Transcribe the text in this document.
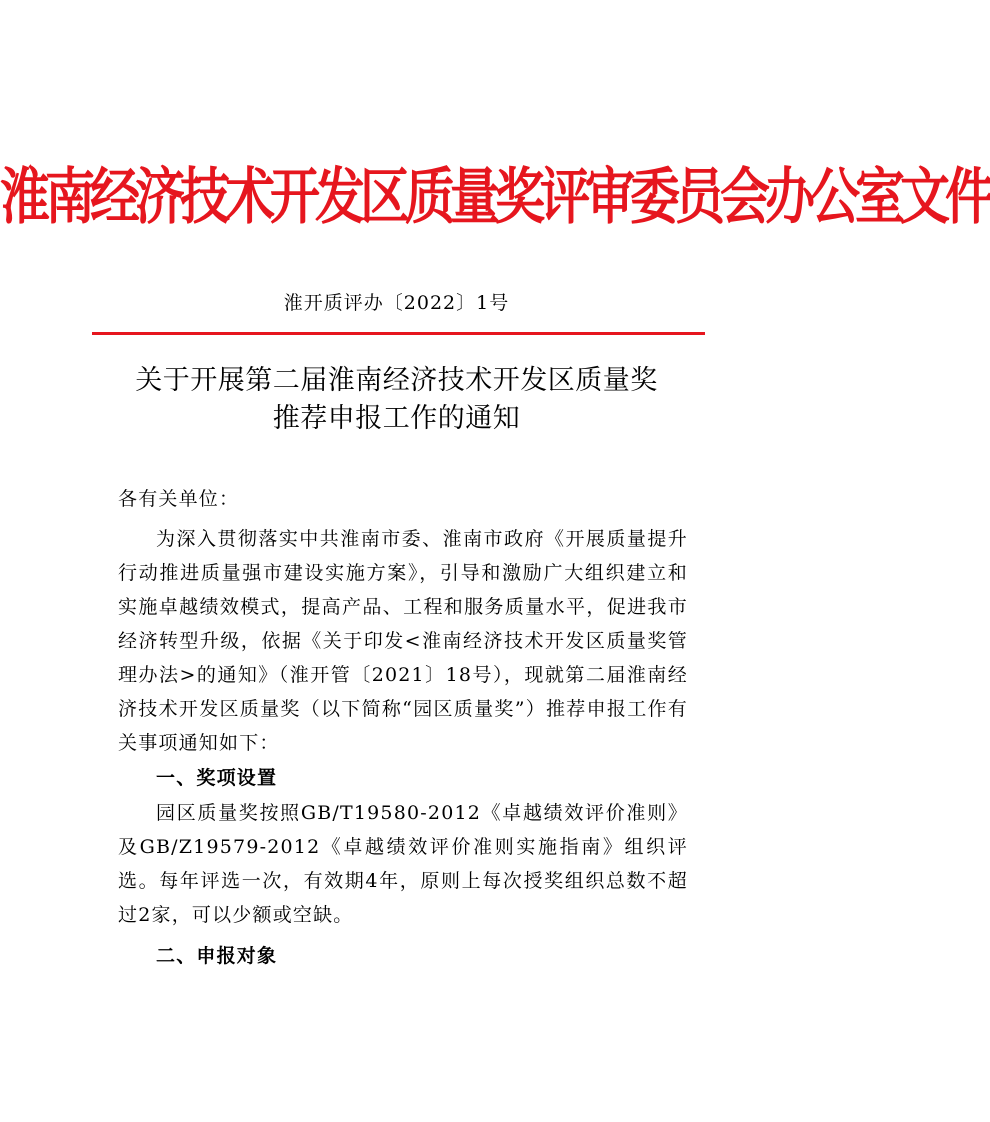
淮南经济技术开发区质量奖评审委员会办公室文件
淮开质评办〔2022〕1号
关于开展第二届淮南经济技术开发区质量奖
推荐申报工作的通知

各有关单位：

为深入贯彻落实中共淮南市委、淮南市政府《开展质量提升行动推进质量强市建设实施方案》，引导和激励广大组织建立和实施卓越绩效模式，提高产品、工程和服务质量水平，促进我市经济转型升级，依据《关于印发<淮南经济技术开发区质量奖管理办法>的通知》（淮开管〔2021〕18号），现就第二届淮南经济技术开发区质量奖（以下简称“园区质量奖”）推荐申报工作有关事项通知如下：

一、奖项设置

园区质量奖按照GB/T19580-2012《卓越绩效评价准则》及GB/Z19579-2012《卓越绩效评价准则实施指南》组织评选。每年评选一次，有效期4年，原则上每次授奖组织总数不超过2家，可以少额或空缺。

二、申报对象
